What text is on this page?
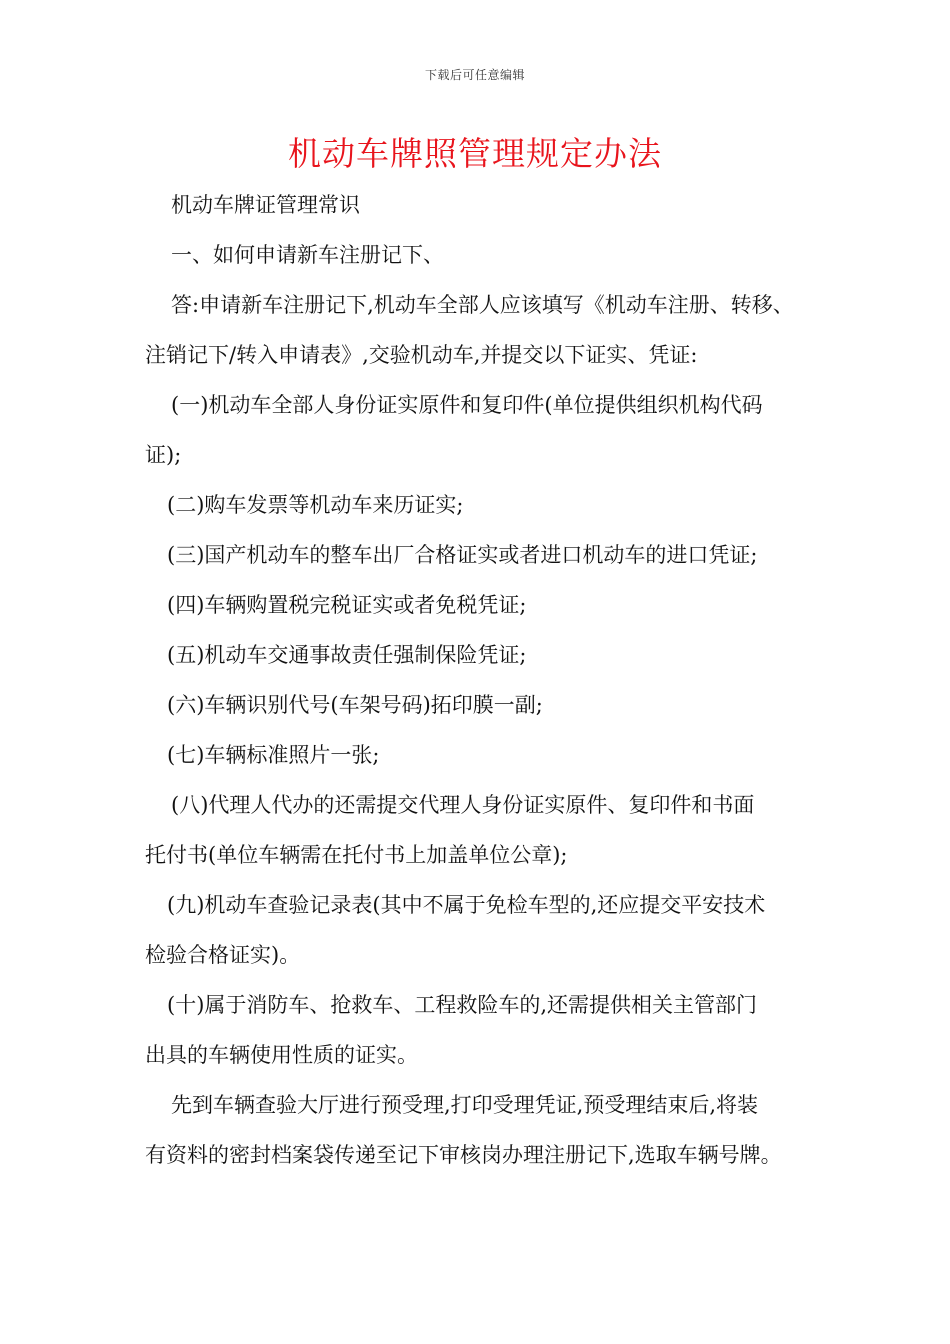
下载后可任意编辑
机动车牌照管理规定办法

机动车牌证管理常识

一、如何申请新车注册记下、

答:申请新车注册记下,机动车全部人应该填写《机动车注册、转移、
注销记下/转入申请表》,交验机动车,并提交以下证实、凭证:

(一)机动车全部人身份证实原件和复印件(单位提供组织机构代码
证);

(二)购车发票等机动车来历证实;

(三)国产机动车的整车出厂合格证实或者进口机动车的进口凭证;

(四)车辆购置税完税证实或者免税凭证;

(五)机动车交通事故责任强制保险凭证;

(六)车辆识别代号(车架号码)拓印膜一副;

(七)车辆标准照片一张;

(八)代理人代办的还需提交代理人身份证实原件、复印件和书面
托付书(单位车辆需在托付书上加盖单位公章);

(九)机动车查验记录表(其中不属于免检车型的,还应提交平安技术
检验合格证实)。

(十)属于消防车、抢救车、工程救险车的,还需提供相关主管部门
出具的车辆使用性质的证实。

先到车辆查验大厅进行预受理,打印受理凭证,预受理结束后,将装
有资料的密封档案袋传递至记下审核岗办理注册记下,选取车辆号牌。
